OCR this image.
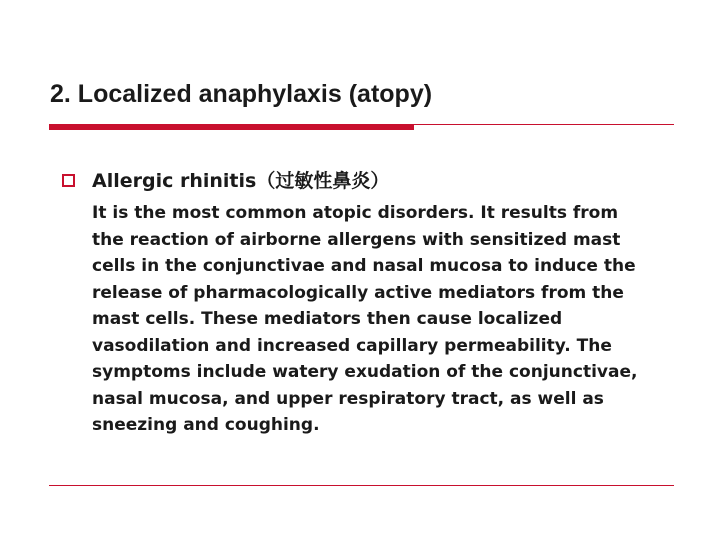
2. Localized anaphylaxis (atopy)
Allergic rhinitis（过敏性鼻炎）

It is the most common atopic disorders. It results from
the reaction of airborne allergens with sensitized mast
cells in the conjunctivae and nasal mucosa to induce the
release of pharmacologically active mediators from the
mast cells. These mediators then cause localized
vasodilation and increased capillary permeability. The
symptoms include watery exudation of the conjunctivae,
nasal mucosa, and upper respiratory tract, as well as
sneezing and coughing.
